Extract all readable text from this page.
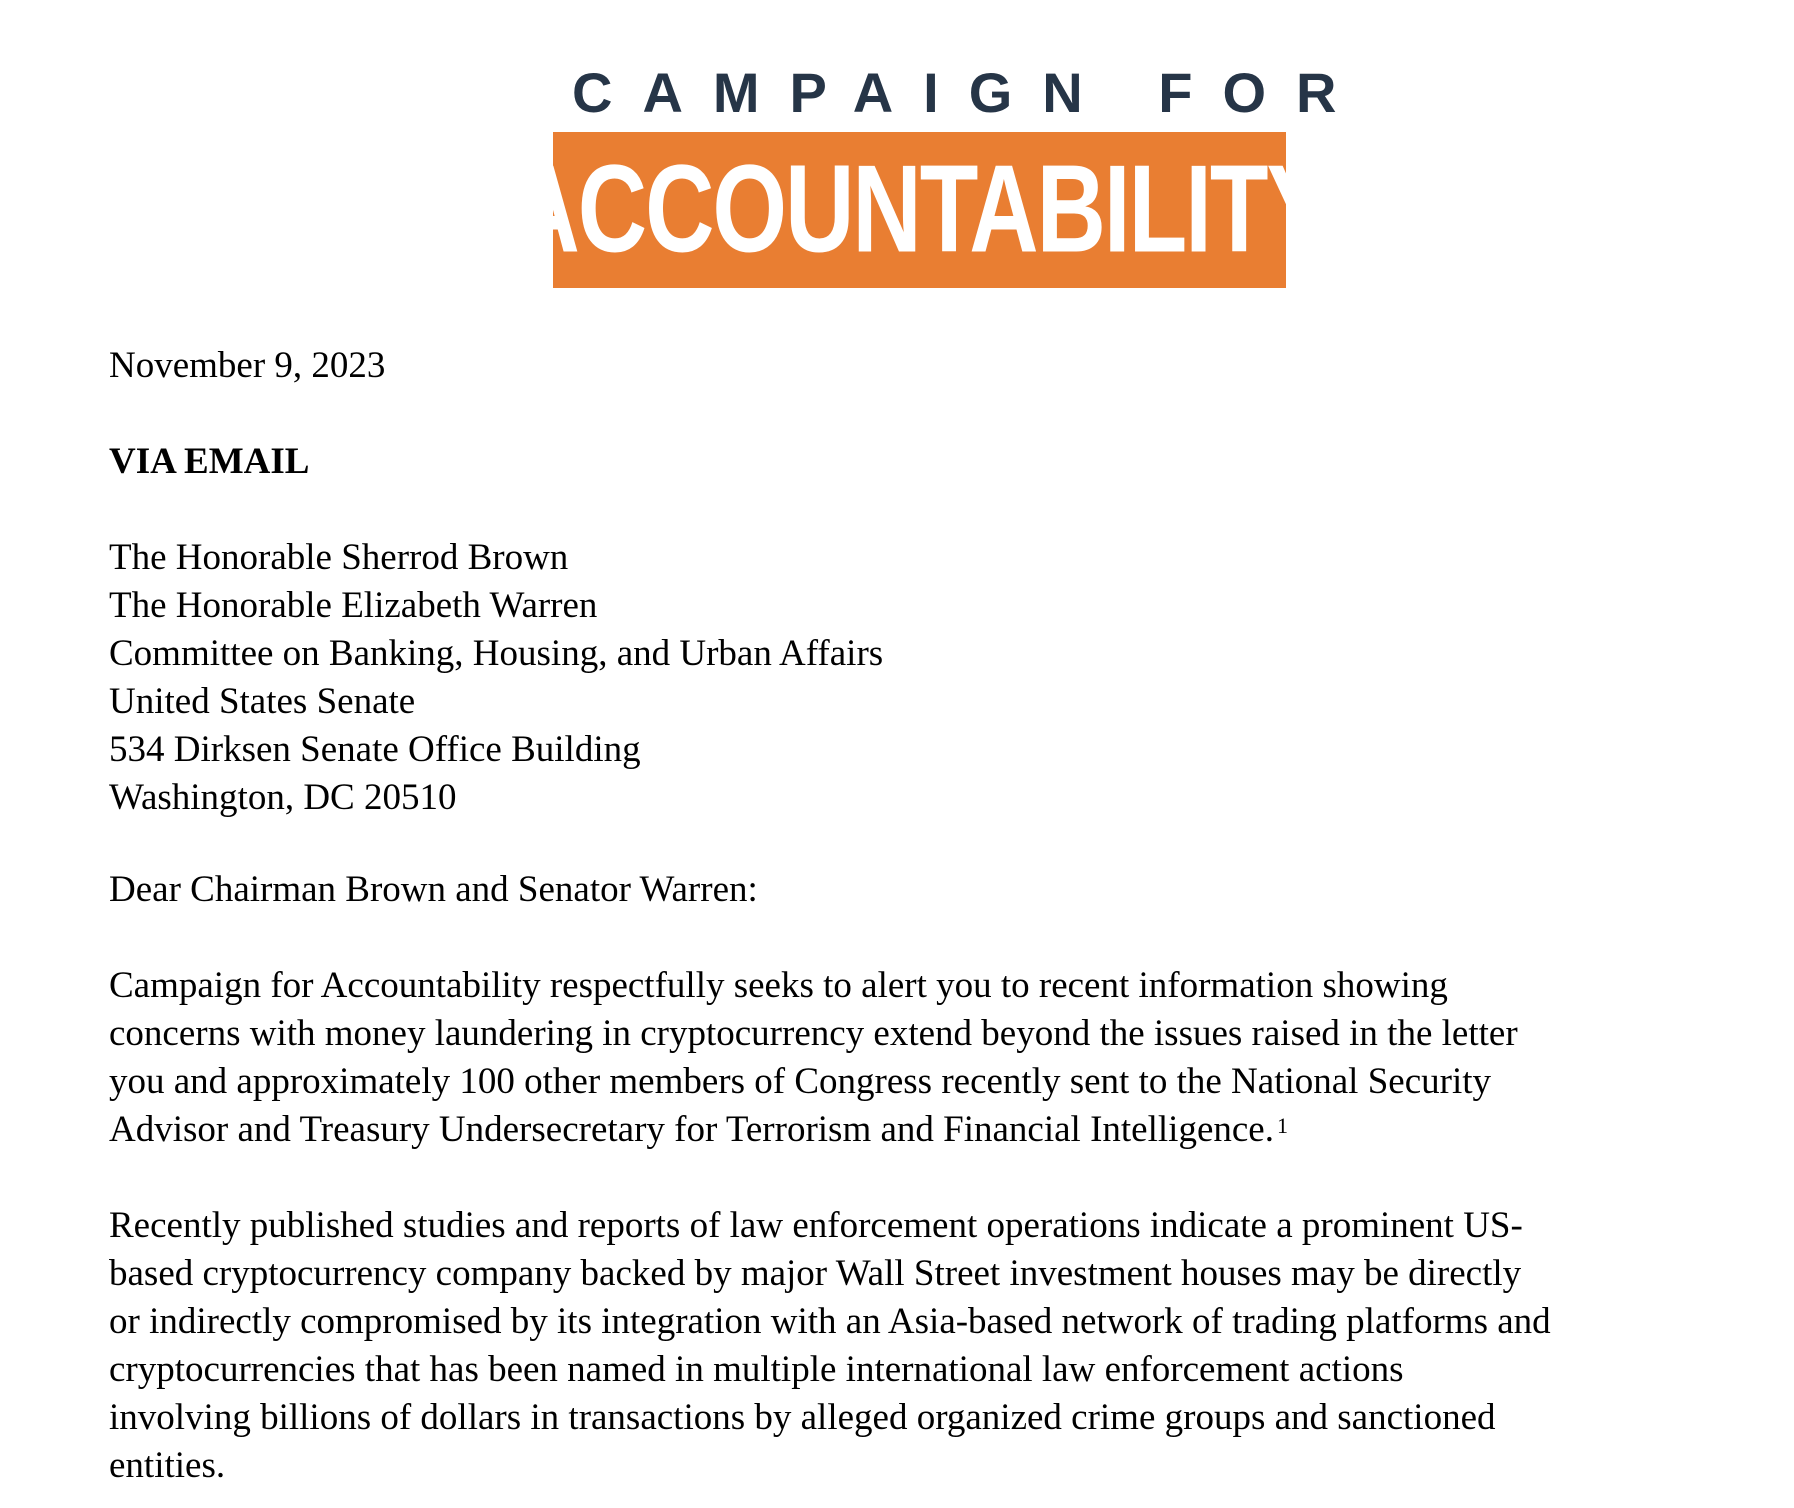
CAMPAIGN FOR
ACCOUNTABILITY
November 9, 2023
VIA EMAIL
The Honorable Sherrod Brown
The Honorable Elizabeth Warren
Committee on Banking, Housing, and Urban Affairs
United States Senate
534 Dirksen Senate Office Building
Washington, DC 20510
Dear Chairman Brown and Senator Warren:
Campaign for Accountability respectfully seeks to alert you to recent information showing
concerns with money laundering in cryptocurrency extend beyond the issues raised in the letter
you and approximately 100 other members of Congress recently sent to the National Security
Advisor and Treasury Undersecretary for Terrorism and Financial Intelligence. $^1$
Recently published studies and reports of law enforcement operations indicate a prominent US-
based cryptocurrency company backed by major Wall Street investment houses may be directly
or indirectly compromised by its integration with an Asia-based network of trading platforms and
cryptocurrencies that has been named in multiple international law enforcement actions
involving billions of dollars in transactions by alleged organized crime groups and sanctioned
entities.
